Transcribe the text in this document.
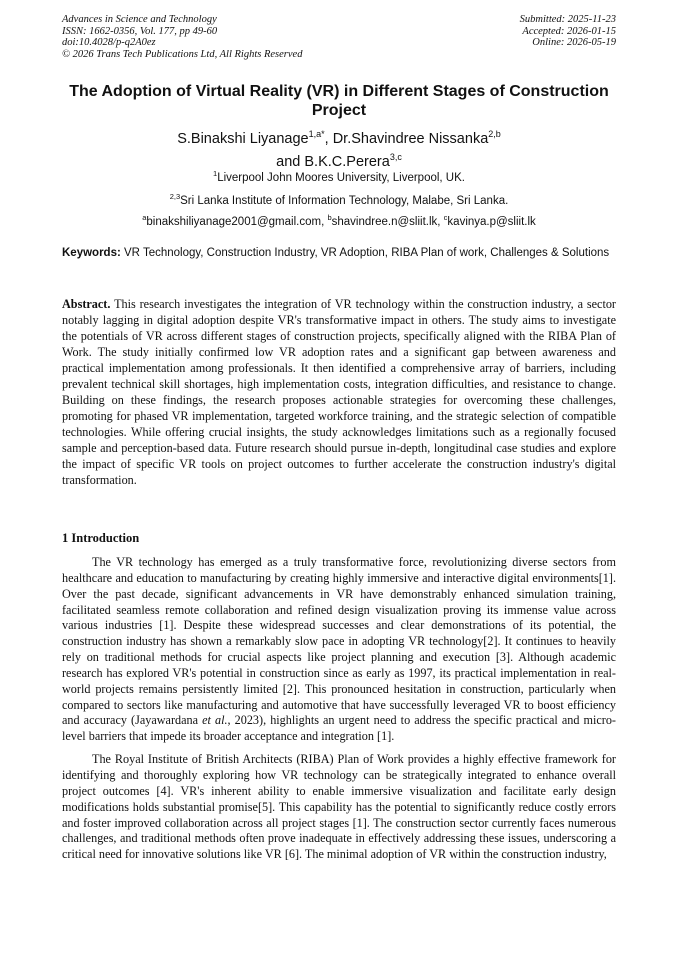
Advances in Science and Technology
ISSN: 1662-0356, Vol. 177, pp 49-60
doi:10.4028/p-q2A0ez
© 2026 Trans Tech Publications Ltd, All Rights Reserved
Submitted: 2025-11-23
Accepted: 2026-01-15
Online: 2026-05-19
The Adoption of Virtual Reality (VR) in Different Stages of Construction Project
S.Binakshi Liyanage$^{1,a*}$, Dr.Shavindree Nissanka$^{2,b}$
and B.K.C.Perera$^{3,c}$
$^1$Liverpool John Moores University, Liverpool, UK.
$^{2,3}$Sri Lanka Institute of Information Technology, Malabe, Sri Lanka.
$^a$binakshiliyanage2001@gmail.com, $^b$shavindree.n@sliit.lk, $^c$kavinya.p@sliit.lk
Keywords: VR Technology, Construction Industry, VR Adoption, RIBA Plan of work, Challenges & Solutions

Abstract. This research investigates the integration of VR technology within the construction industry, a sector notably lagging in digital adoption despite VR's transformative impact in others. The study aims to investigate the potentials of VR across different stages of construction projects, specifically aligned with the RIBA Plan of Work. The study initially confirmed low VR adoption rates and a significant gap between awareness and practical implementation among professionals. It then identified a comprehensive array of barriers, including prevalent technical skill shortages, high implementation costs, integration difficulties, and resistance to change. Building on these findings, the research proposes actionable strategies for overcoming these challenges, promoting for phased VR implementation, targeted workforce training, and the strategic selection of compatible technologies. While offering crucial insights, the study acknowledges limitations such as a regionally focused sample and perception-based data. Future research should pursue in-depth, longitudinal case studies and explore the impact of specific VR tools on project outcomes to further accelerate the construction industry's digital transformation.

1 Introduction

The VR technology has emerged as a truly transformative force, revolutionizing diverse sectors from healthcare and education to manufacturing by creating highly immersive and interactive digital environments[1]. Over the past decade, significant advancements in VR have demonstrably enhanced simulation training, facilitated seamless remote collaboration and refined design visualization proving its immense value across various industries [1]. Despite these widespread successes and clear demonstrations of its potential, the construction industry has shown a remarkably slow pace in adopting VR technology[2]. It continues to heavily rely on traditional methods for crucial aspects like project planning and execution [3]. Although academic research has explored VR's potential in construction since as early as 1997, its practical implementation in real-world projects remains persistently limited [2]. This pronounced hesitation in construction, particularly when compared to sectors like manufacturing and automotive that have successfully leveraged VR to boost efficiency and accuracy (Jayawardana et al., 2023), highlights an urgent need to address the specific practical and micro-level barriers that impede its broader acceptance and integration [1].

The Royal Institute of British Architects (RIBA) Plan of Work provides a highly effective framework for identifying and thoroughly exploring how VR technology can be strategically integrated to enhance overall project outcomes [4]. VR's inherent ability to enable immersive visualization and facilitate early design modifications holds substantial promise[5]. This capability has the potential to significantly reduce costly errors and foster improved collaboration across all project stages [1]. The construction sector currently faces numerous challenges, and traditional methods often prove inadequate in effectively addressing these issues, underscoring a critical need for innovative solutions like VR [6]. The minimal adoption of VR within the construction industry,
